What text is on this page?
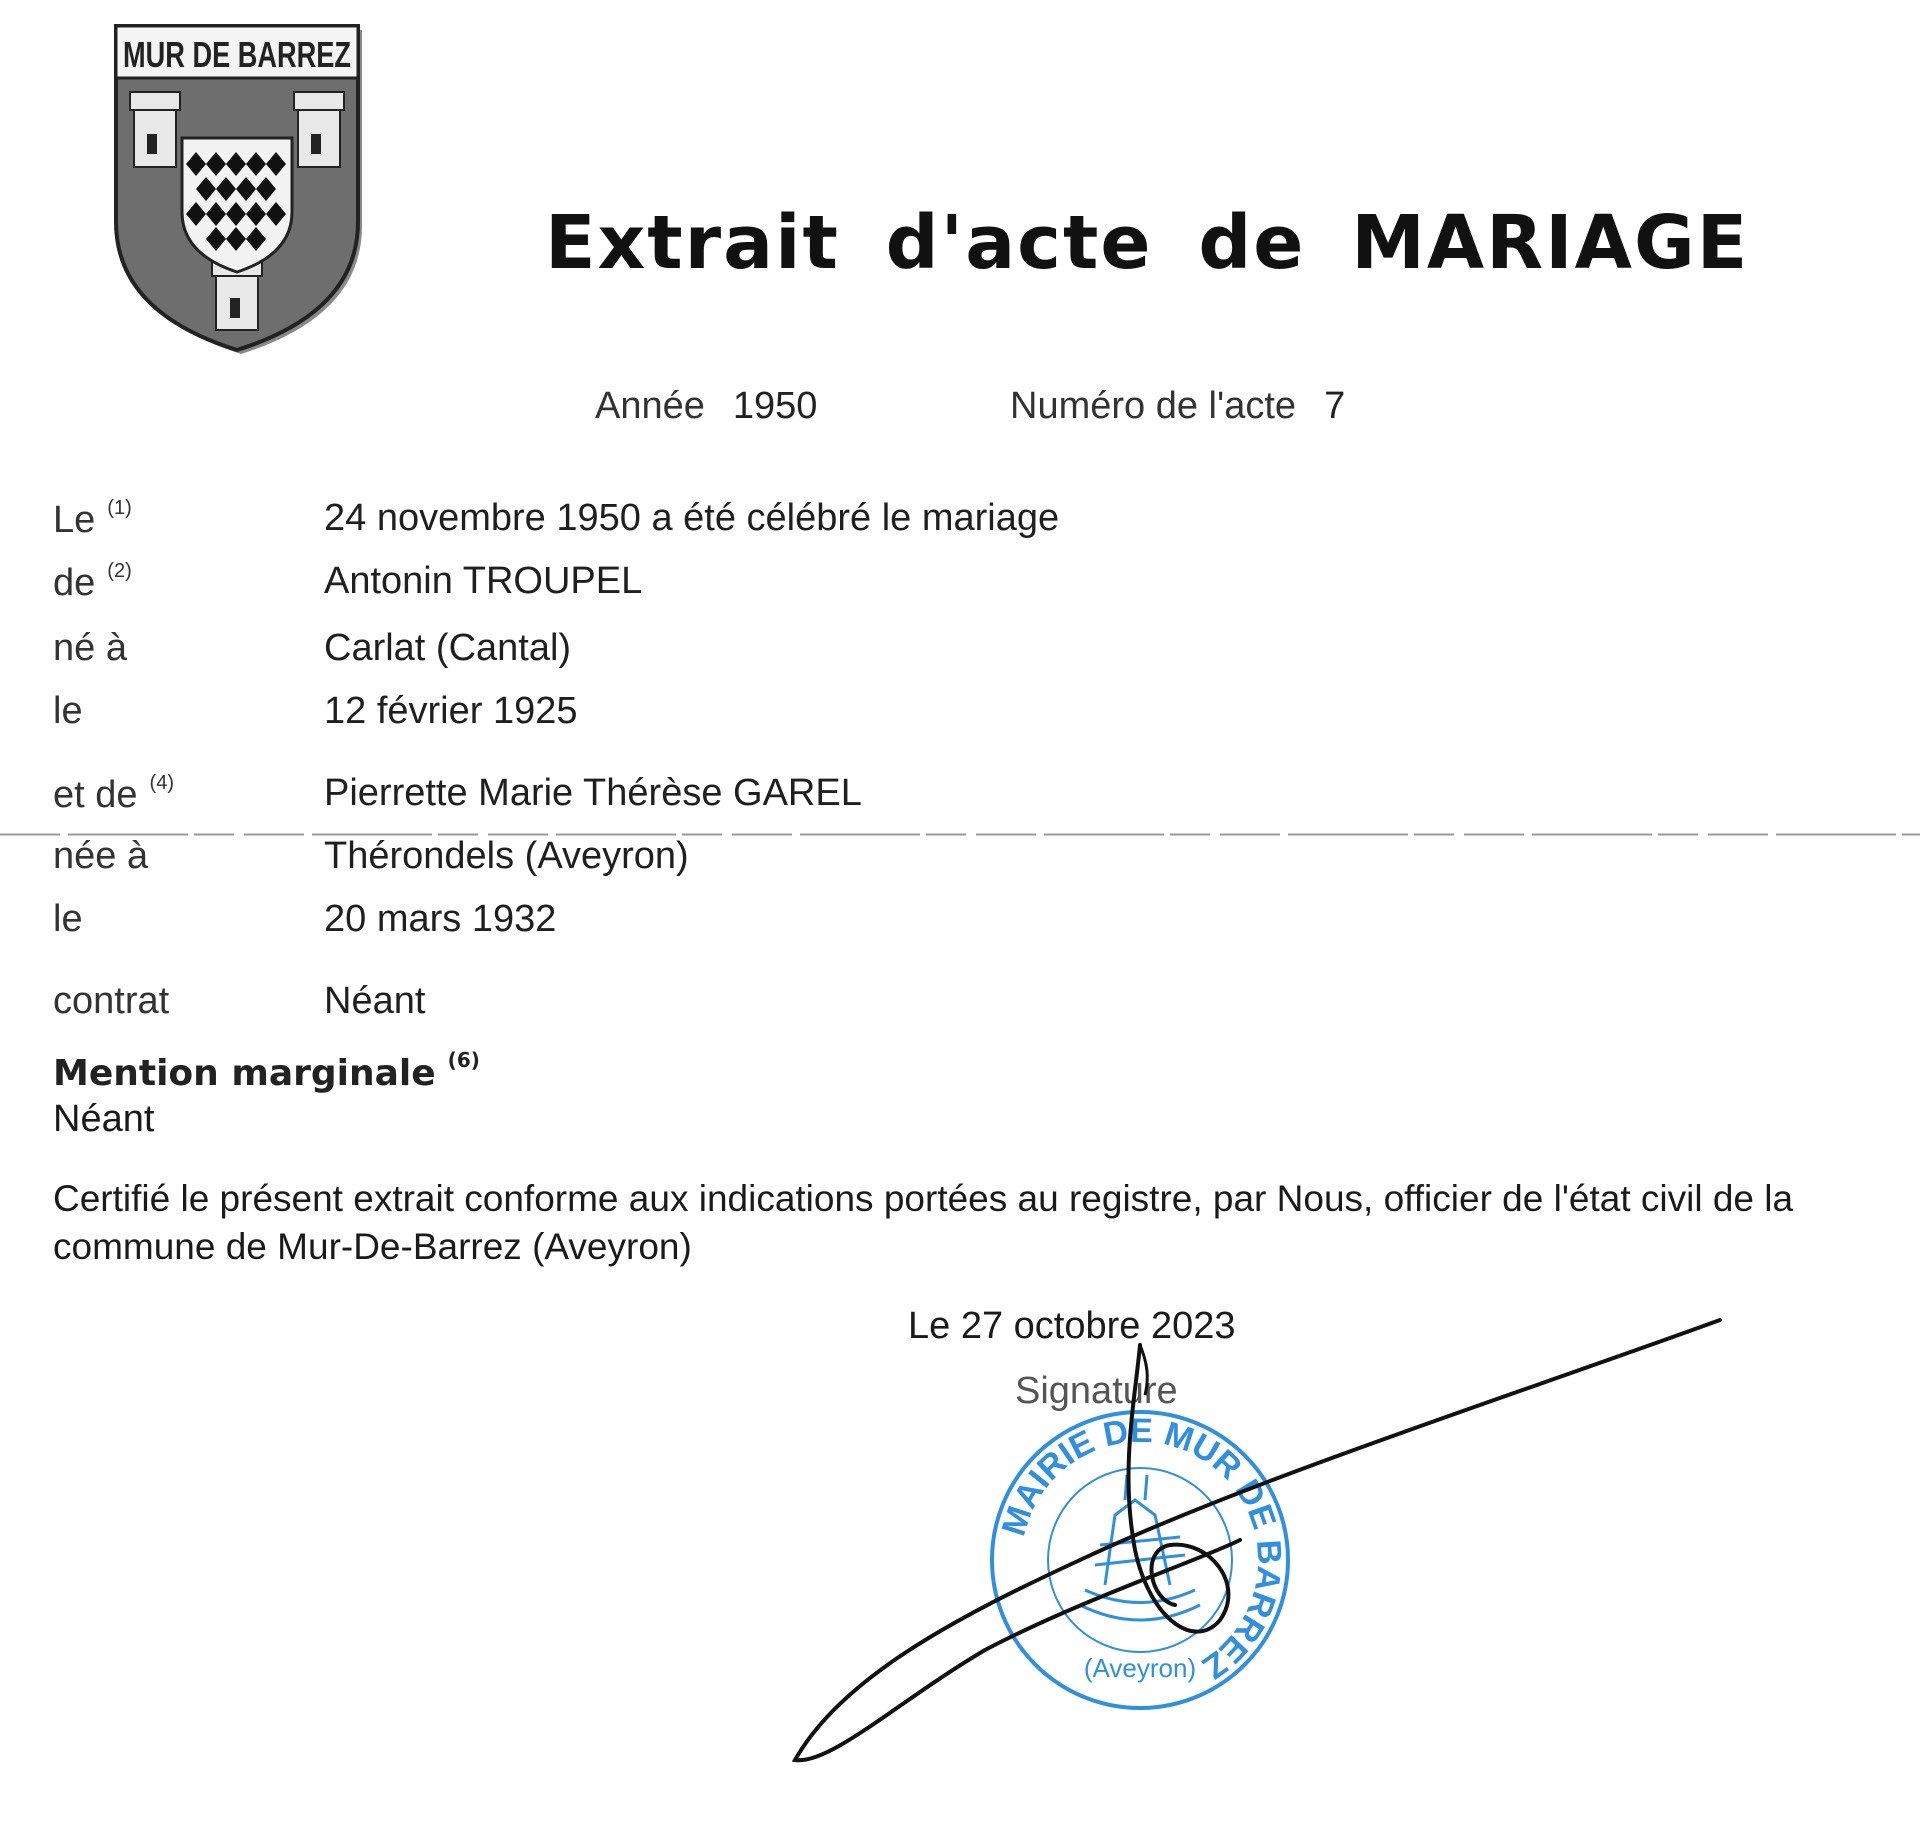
MUR DE BARREZ
Extrait d'acte de MARIAGE
Année 1950	Numéro de l'acte 7
Le $^{(1)}$	24 novembre 1950 a été célébré le mariage
de $^{(2)}$	Antonin TROUPEL
né à	Carlat (Cantal)
le	12 février 1925
et de $^{(4)}$	Pierrette Marie Thérèse GAREL
née à	Thérondels (Aveyron)
le	20 mars 1932
contrat	Néant
Mention marginale $^{(6)}$
Néant
Certifié le présent extrait conforme aux indications portées au registre, par Nous, officier de l'état civil de la commune de Mur-De-Barrez (Aveyron)
Le 27 octobre 2023
Signature
MAIRIE DE MUR DE BARREZ
(Aveyron)
